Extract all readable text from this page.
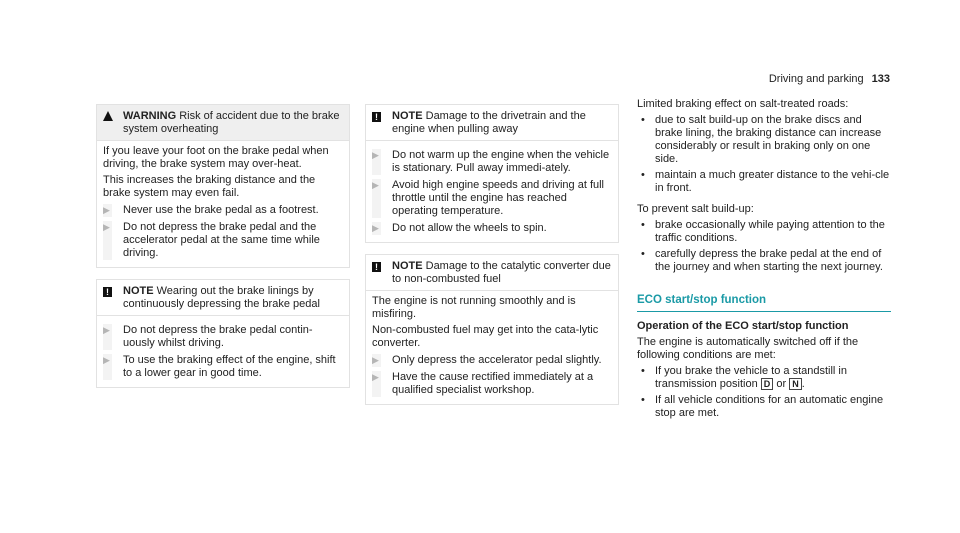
Driving and parking 133
WARNING Risk of accident due to the brake system overheating

If you leave your foot on the brake pedal when driving, the brake system may over-heat.

This increases the braking distance and the brake system may even fail.

▶	Never use the brake pedal as a footrest.
▶	Do not depress the brake pedal and the accelerator pedal at the same time while driving.
!	NOTE Wearing out the brake linings by continuously depressing the brake pedal
▶	Do not depress the brake pedal contin-uously whilst driving.
▶	To use the braking effect of the engine, shift to a lower gear in good time.
!	NOTE Damage to the drivetrain and the engine when pulling away
▶	Do not warm up the engine when the vehicle is stationary. Pull away immedi-ately.
▶	Avoid high engine speeds and driving at full throttle until the engine has reached operating temperature.
▶	Do not allow the wheels to spin.
!	NOTE Damage to the catalytic converter due to non-combusted fuel

The engine is not running smoothly and is misfiring.

Non-combusted fuel may get into the cata-lytic converter.

▶	Only depress the accelerator pedal slightly.
▶	Have the cause rectified immediately at a qualified specialist workshop.

Limited braking effect on salt-treated roads:

• due to salt build-up on the brake discs and brake lining, the braking distance can increase considerably or result in braking only on one side.
• maintain a much greater distance to the vehi-cle in front.

To prevent salt build-up:

• brake occasionally while paying attention to the traffic conditions.
• carefully depress the brake pedal at the end of the journey and when starting the next journey.
ECO start/stop function
Operation of the ECO start/stop function

The engine is automatically switched off if the following conditions are met:

• If you brake the vehicle to a standstill in transmission position D or N .
• If all vehicle conditions for an automatic engine stop are met.
